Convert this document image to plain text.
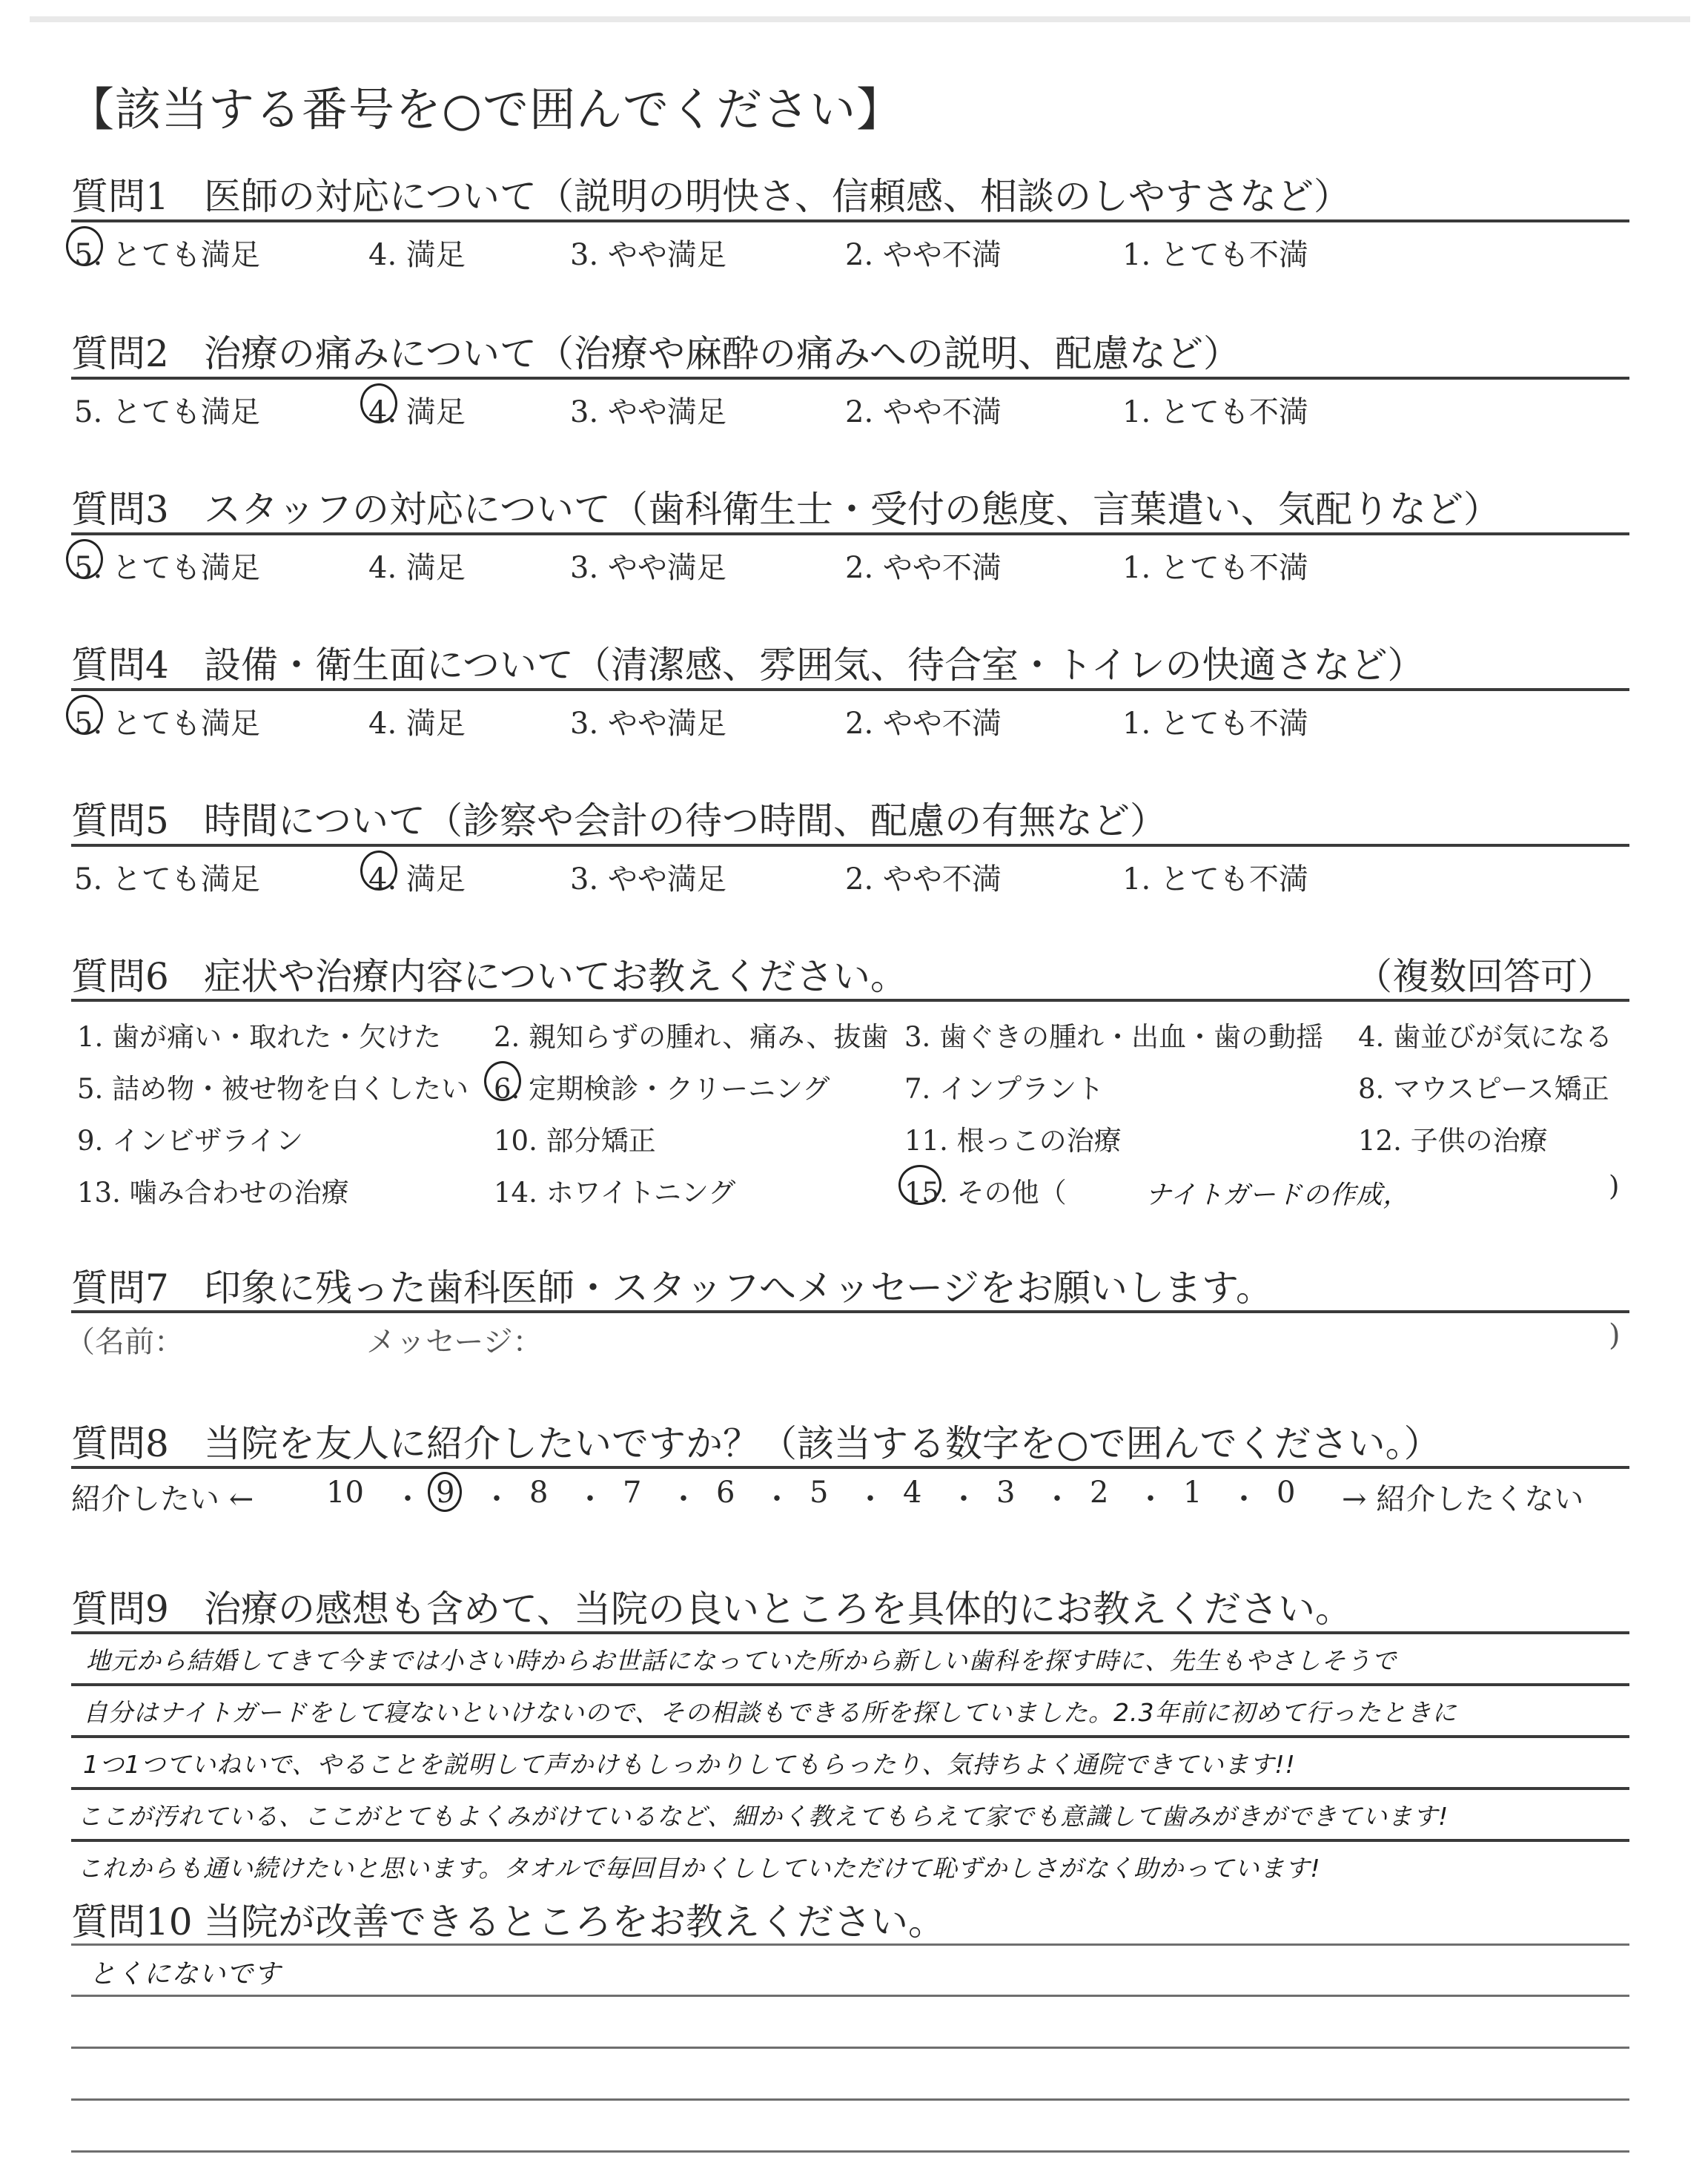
【該当する番号を○で囲んでください】
質問1 医師の対応について（説明の明快さ、信頼感、相談のしやすさなど）
5. とても満足	4. 満足	3. やや満足	2. やや不満	1. とても不満
質問2 治療の痛みについて（治療や麻酔の痛みへの説明、配慮など）
5. とても満足	4. 満足	3. やや満足	2. やや不満	1. とても不満
質問3 スタッフの対応について（歯科衛生士・受付の態度、言葉遣い、気配りなど）
5. とても満足	4. 満足	3. やや満足	2. やや不満	1. とても不満
質問4 設備・衛生面について（清潔感、雰囲気、待合室・トイレの快適さなど）
5. とても満足	4. 満足	3. やや満足	2. やや不満	1. とても不満
質問5 時間について（診察や会計の待つ時間、配慮の有無など）
5. とても満足	4. 満足	3. やや満足	2. やや不満	1. とても不満
質問6 症状や治療内容についてお教えください。	（複数回答可）
1. 歯が痛い・取れた・欠けた 2. 親知らずの腫れ、痛み、抜歯 3. 歯ぐきの腫れ・出血・歯の動揺 4. 歯並びが気になる
5. 詰め物・被せ物を白くしたい 6. 定期検診・クリーニング	7. インプラント	8. マウスピース矯正
9. インビザライン	10. 部分矯正	11. 根っこの治療	12. 子供の治療
13. 噛み合わせの治療	14. ホワイトニング	15. その他（	ナイトガードの作成，	)
質問7 印象に残った歯科医師・スタッフへメッセージをお願いします。
（名前：	メッセージ：	)
質問8 当院を友人に紹介したいですか？（該当する数字を○で囲んでください。）
紹介したい ←	→ 紹介したくない
10 ・ 9 ・ 8 ・ 7 ・ 6 ・ 5 ・ 4 ・ 3 ・ 2 ・ 1 ・ 0
質問9 治療の感想も含めて、当院の良いところを具体的にお教えください。
地元から結婚してきて今までは小さい時からお世話になっていた所から新しい歯科を探す時に、先生もやさしそうで
自分はナイトガードをして寝ないといけないので、その相談もできる所を探していました。2.3年前に初めて行ったときに
1つ1つていねいで、やることを説明して声かけもしっかりしてもらったり、気持ちよく通院できています!!
ここが汚れている、ここがとてもよくみがけているなど、細かく教えてもらえて家でも意識して歯みがきができています!
これからも通い続けたいと思います。タオルで毎回目かくししていただけて恥ずかしさがなく助かっています!
質問10 当院が改善できるところをお教えください。
とくにないです
